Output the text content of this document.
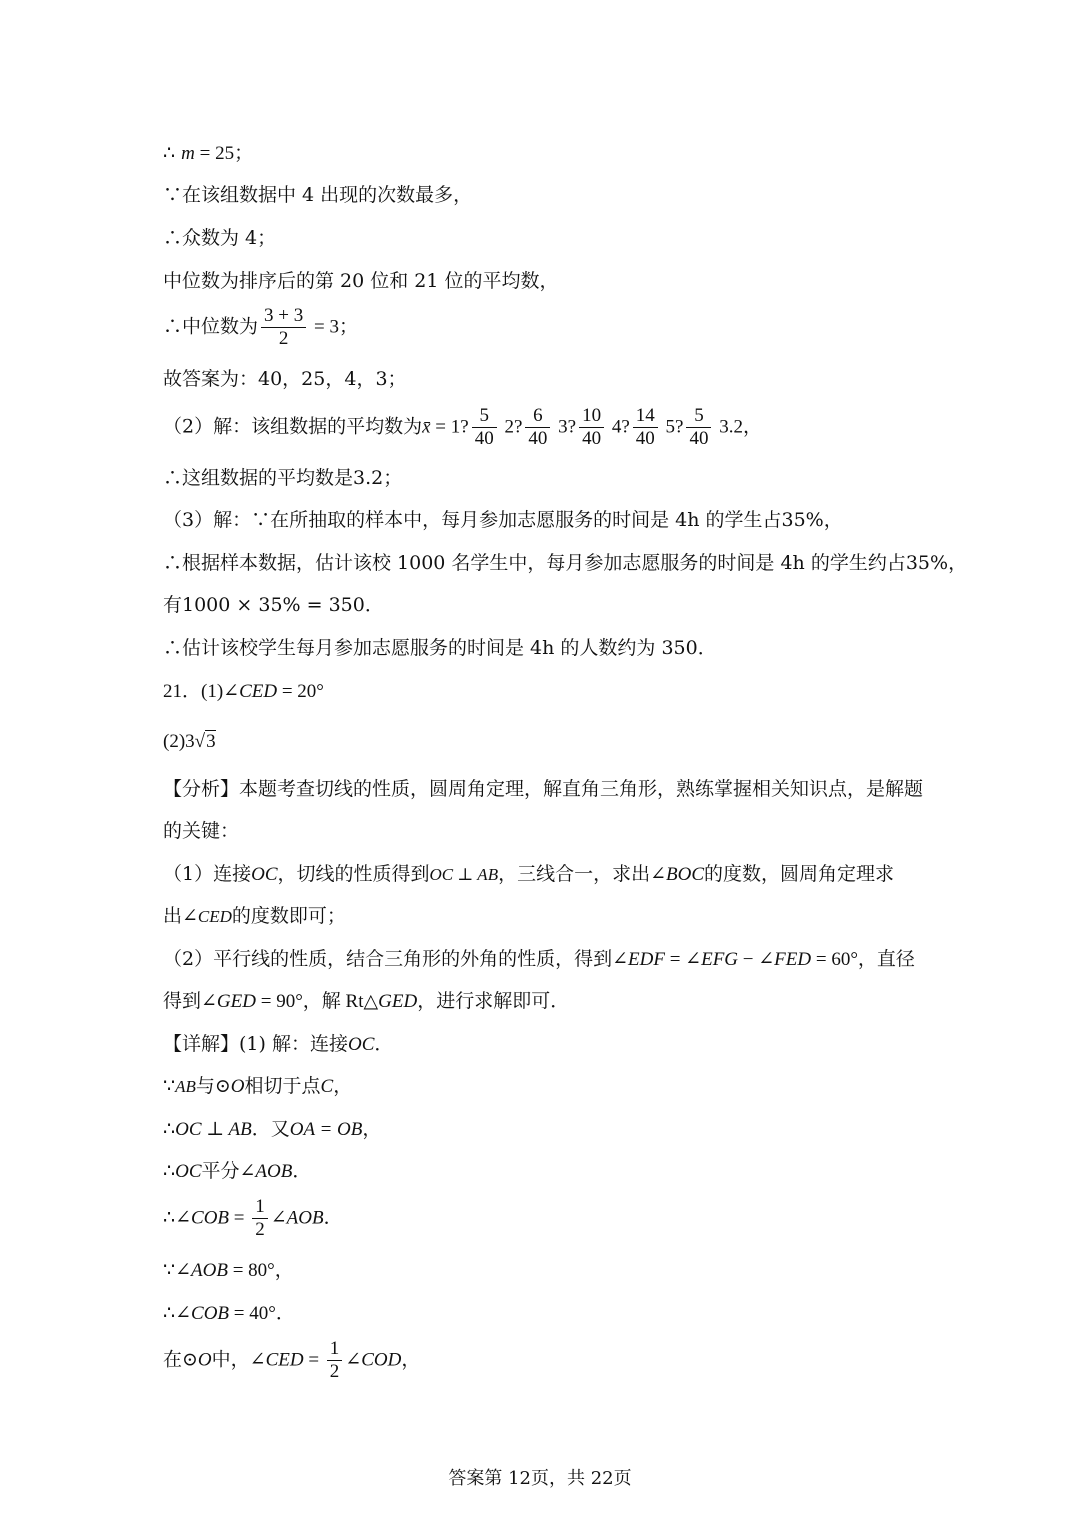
∴ m = 25；
∵在该组数据中 4 出现的次数最多，
∴众数为 4；
中位数为排序后的第 20 位和 21 位的平均数，
∴中位数为 $\frac{3 + 3}{2} = 3$；
故答案为：40，25，4，3；
（2）解：该组数据的平均数为x̄ = 1? $\frac{5}{40} 2$? $\frac{6}{40} 3$? $\frac{10}{40} 4$? $\frac{14}{40} 5$? $\frac{5}{40} 3.2$，
∴这组数据的平均数是3.2；
（3）解：∵在所抽取的样本中，每月参加志愿服务的时间是 4h 的学生占35%，
∴根据样本数据，估计该校 1000 名学生中，每月参加志愿服务的时间是 4h 的学生约占35%，
有1000 × 35% = 350．
∴估计该校学生每月参加志愿服务的时间是 4h 的人数约为 350．
21．(1)∠CED = 20°
(2)3√3
【分析】本题考查切线的性质，圆周角定理，解直角三角形，熟练掌握相关知识点，是解题
的关键：
（1）连接OC，切线的性质得到OC ⊥ AB，三线合一，求出∠BOC的度数，圆周角定理求
出∠CED的度数即可；
（2）平行线的性质，结合三角形的外角的性质，得到∠EDF = ∠EFG − ∠FED = 60°，直径
得到∠GED = 90°，解 Rt△GED，进行求解即可．
【详解】(1) 解：连接OC．
∵AB与⊙O相切于点C，
∴OC ⊥ AB．又OA = OB，
∴OC平分∠AOB．
∴∠COB = $\frac{1}{2}$ ∠AOB．
∵∠AOB = 80°，
∴∠COB = 40°．
在⊙O中，∠CED = $\frac{1}{2}$ ∠COD，
答案第 12页，共 22页
